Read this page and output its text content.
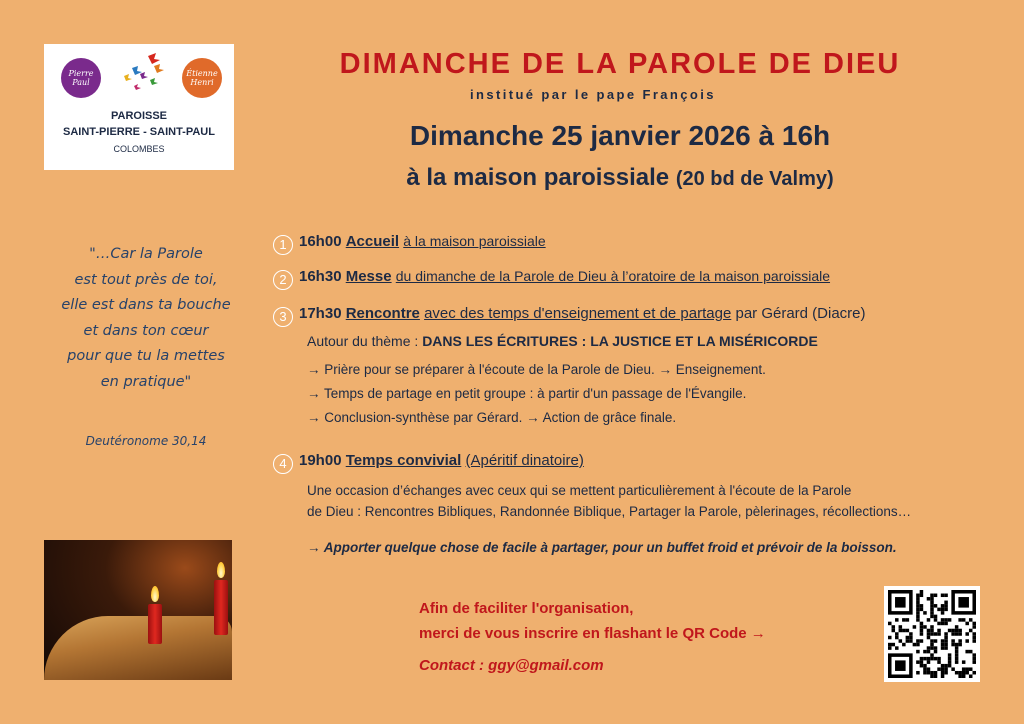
Pierre Paul
Étienne Henri
PAROISSE
SAINT-PIERRE - SAINT-PAUL
COLOMBES
DIMANCHE DE LA PAROLE DE DIEU
institué par le pape François
Dimanche 25 janvier 2026 à 16h
à la maison paroissiale (20 bd de Valmy)
"…Car la Parole
est tout près de toi,
elle est dans ta bouche
et dans ton cœur
pour que tu la mettes
en pratique"
Deutéronome 30,14
1 16h00 Accueil à la maison paroissiale
2 16h30 Messe du dimanche de la Parole de Dieu à l’oratoire de la maison paroissiale
3 17h30 Rencontre avec des temps d'enseignement et de partage par Gérard (Diacre)
Autour du thème : DANS LES ÉCRITURES : LA JUSTICE ET LA MISÉRICORDE
→ Prière pour se préparer à l'écoute de la Parole de Dieu. → Enseignement.
→ Temps de partage en petit groupe : à partir d'un passage de l'Évangile.
→ Conclusion-synthèse par Gérard. → Action de grâce finale.
4 19h00 Temps convivial (Apéritif dinatoire)
Une occasion d’échanges avec ceux qui se mettent particulièrement à l'écoute de la Parole
de Dieu : Rencontres Bibliques, Randonnée Biblique, Partager la Parole, pèlerinages, récollections…
→ Apporter quelque chose de facile à partager, pour un buffet froid et prévoir de la boisson.
Afin de faciliter l'organisation,
merci de vous inscrire en flashant le QR Code →
Contact : ggy@gmail.com
